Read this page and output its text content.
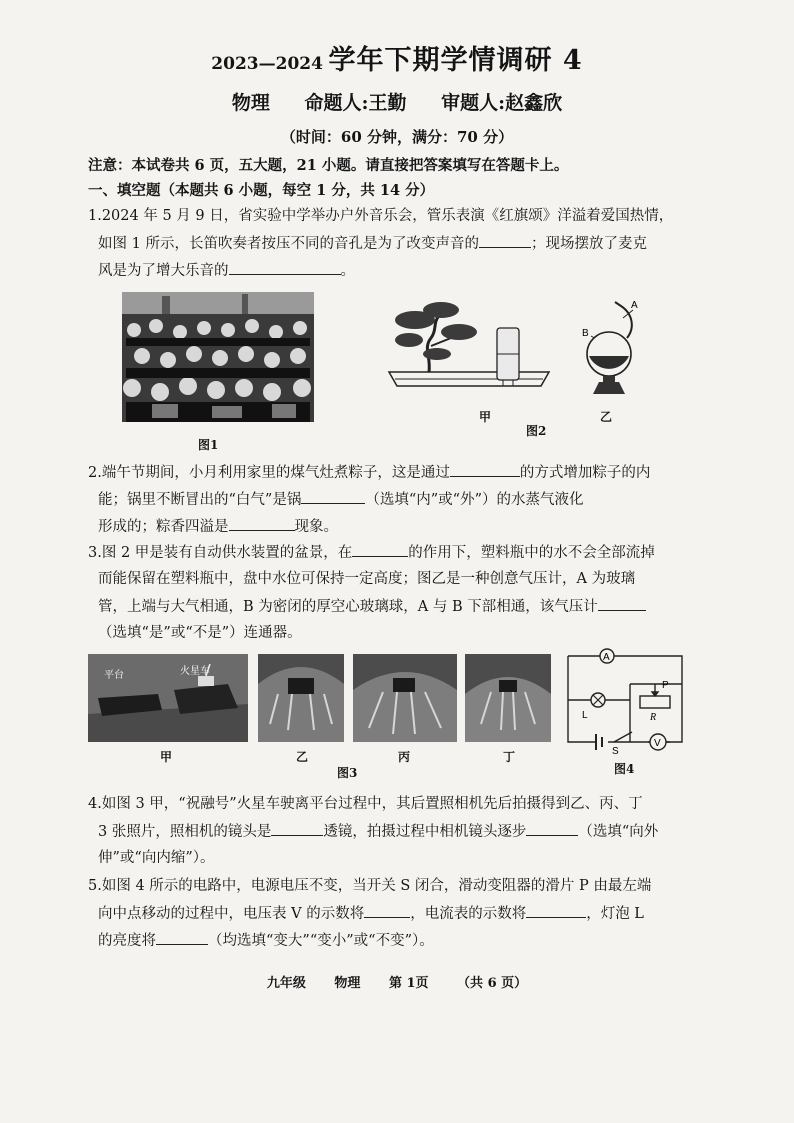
2023—2024 学年下期学情调研 4
物理 命题人:王勤 审题人:赵鑫欣
（时间：60 分钟，满分：70 分）
注意：本试卷共 6 页，五大题，21 小题。请直接把答案填写在答题卡上。
一、填空题（本题共 6 小题，每空 1 分，共 14 分）
1.2024 年 5 月 9 日，省实验中学举办户外音乐会，管乐表演《红旗颂》洋溢着爱国热情，
如图 1 所示，长笛吹奏者按压不同的音孔是为了改变声音的	；现场摆放了麦克
风是为了增大乐音的	。
图1
A
B
甲
图2
乙
2.端午节期间，小月利用家里的煤气灶煮粽子，这是通过	的方式增加粽子的内
能；锅里不断冒出的“白气”是锅	（选填“内”或“外”）的水蒸气液化
形成的；粽香四溢是	现象。
3.图 2 甲是装有自动供水装置的盆景，在	的作用下，塑料瓶中的水不会全部流掉
而能保留在塑料瓶中，盘中水位可保持一定高度；图乙是一种创意气压计，A 为玻璃
管，上端与大气相通，B 为密闭的厚空心玻璃球，A 与 B 下部相通，该气压计
（选填“是”或“不是”）连通器。
平台	火星车
甲	乙	丙	丁
图3
A
L
P
R
S
V
图4
4.如图 3 甲，“祝融号”火星车驶离平台过程中，其后置照相机先后拍摄得到乙、丙、丁
3 张照片，照相机的镜头是	透镜，拍摄过程中相机镜头逐步	（选填“向外
伸”或“向内缩”）。
5.如图 4 所示的电路中，电源电压不变，当开关 S 闭合，滑动变阻器的滑片 P 由最左端
向中点移动的过程中，电压表 V 的示数将	，电流表的示数将	，灯泡 L
的亮度将	（均选填“变大”“变小”或“不变”）。
九年级 物理 第 1页 （共 6 页）
